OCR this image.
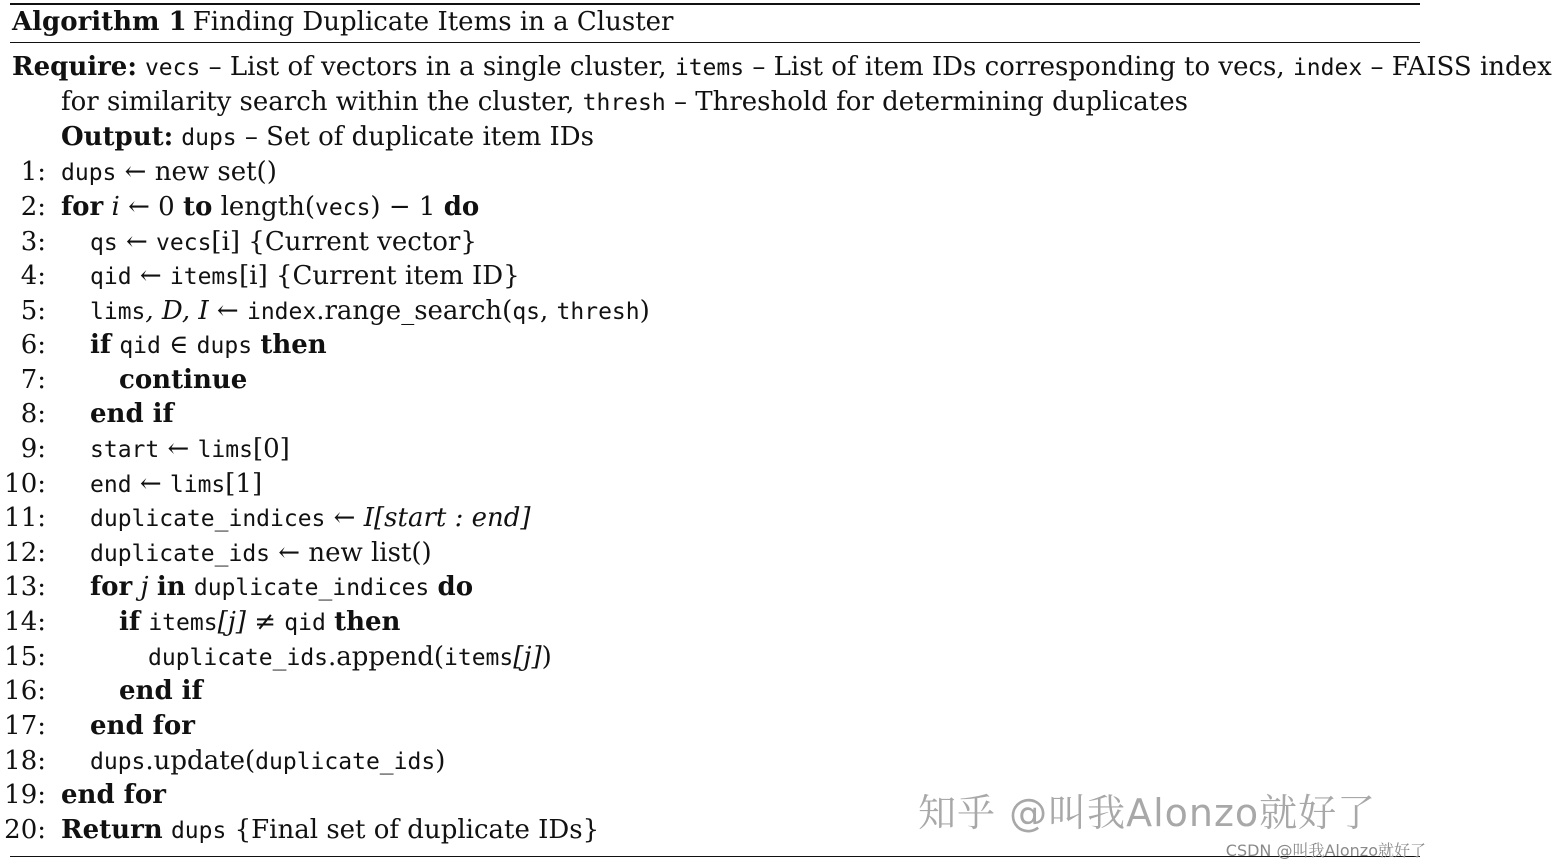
Algorithm 1 Finding Duplicate Items in a Cluster
Require: vecs – List of vectors in a single cluster, items – List of item IDs corresponding to vecs, index – FAISS index
for similarity search within the cluster, thresh – Threshold for determining duplicates
Output: dups – Set of duplicate item IDs
1: dups ← new set()
2: for i ← 0 to length(vecs) − 1 do
3: qs ← vecs[i] {Current vector}
4: qid ← items[i] {Current item ID}
5: lims, D, I ← index.range_search(qs, thresh)
6: if qid ∈ dups then
7:	continue
8: end if
9: start ← lims[0]
10: end ← lims[1]
11: duplicate_indices ← I[start : end]
12: duplicate_ids ← new list()
13: for j in duplicate_indices do
14:	if items[j] ≠ qid then
15:	duplicate_ids.append(items[j])
16:	end if
17: end for
18: dups.update(duplicate_ids)
19: end for
20: Return dups {Final set of duplicate IDs}	知乎 @叫我Alonzo就好了
CSDN @叫我Alonzo就好了
